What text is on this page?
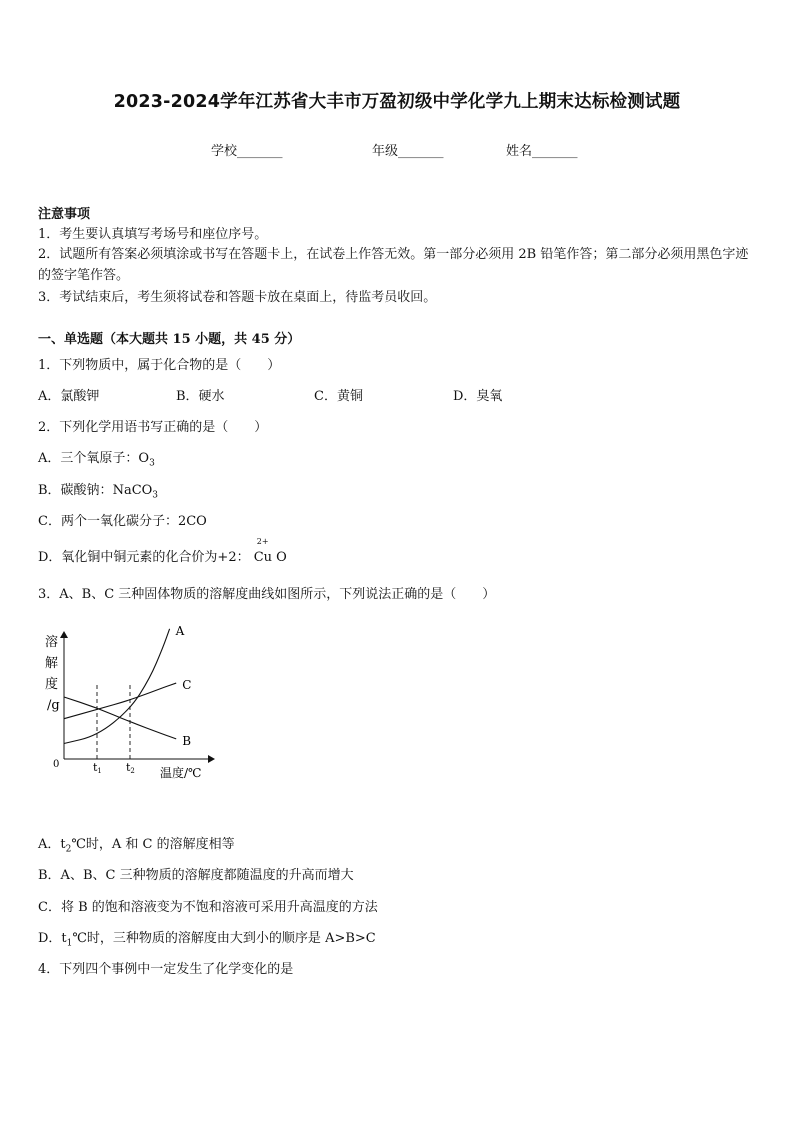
2023-2024学年江苏省大丰市万盈初级中学化学九上期末达标检测试题
学校_______	年级_______	姓名_______
注意事项
1．考生要认真填写考场号和座位序号。
2．试题所有答案必须填涂或书写在答题卡上，在试卷上作答无效。第一部分必须用 2B 铅笔作答；第二部分必须用黑色字迹的签字笔作答。
3．考试结束后，考生须将试卷和答题卡放在桌面上，待监考员收回。
一、单选题（本大题共 15 小题，共 45 分）
1．下列物质中，属于化合物的是（　　）
A．氯酸钾	B．硬水	C．黄铜	D．臭氧
2．下列化学用语书写正确的是（　　）
A．三个氧原子：$O_3$
B．碳酸钠：NaCO$_3$
C．两个一氧化碳分子：2CO
D．氧化铜中铜元素的化合价为+2：
2+
Cu O
3．A、B、C 三种固体物质的溶解度曲线如图所示，下列说法正确的是（　　）
溶
解
度
/g
0	t1 t2
A
C
B
温度/℃
A．$t_2℃$时，A 和 C 的溶解度相等
B．A、B、C 三种物质的溶解度都随温度的升高而增大
C．将 B 的饱和溶液变为不饱和溶液可采用升高温度的方法
D．$t_1℃$时，三种物质的溶解度由大到小的顺序是 A>B>C
4．下列四个事例中一定发生了化学变化的是
